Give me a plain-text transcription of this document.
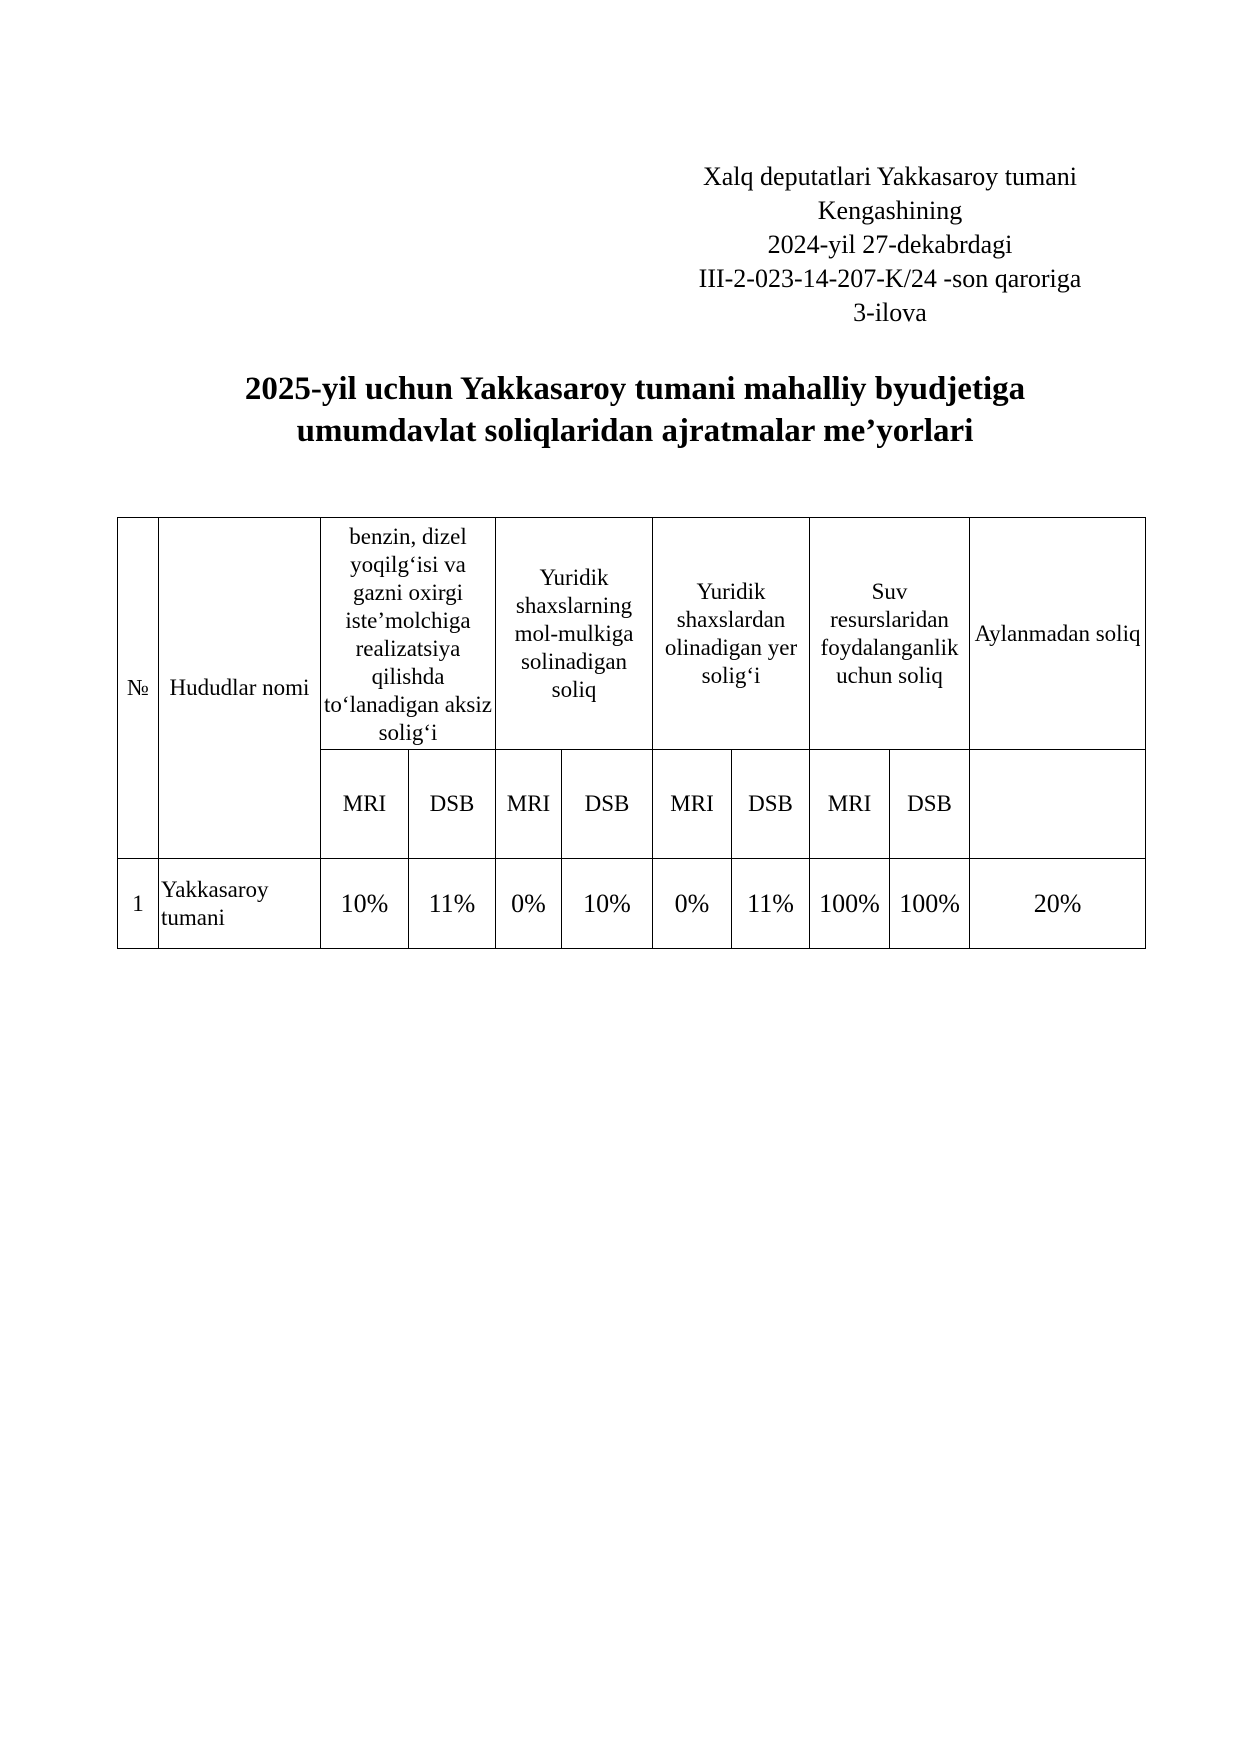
Xalq deputatlari Yakkasaroy tumani
Kengashining
2024-yil 27-dekabrdagi
III-2-023-14-207-K/24 -son qaroriga
3-ilova
2025-yil uchun Yakkasaroy tumani mahalliy byudjetiga
umumdavlat soliqlaridan ajratmalar me’yorlari
№	Hududlar nomi	benzin, dizel yoqilg‘isi va gazni oxirgi iste’molchiga realizatsiya qilishda to‘lanadigan aksiz solig‘i		Yuridik shaxslarning mol-mulkiga solinadigan soliq		Yuridik shaxslardan olinadigan yer solig‘i		Suv resurslaridan foydalanganlik uchun soliq		Aylanmadan soliq
		MRI	DSB	MRI	DSB	MRI	DSB	MRI	DSB	
1	Yakkasaroy tumani	10%	11%	0%	10%	0%	11%	100%	100%	20%
